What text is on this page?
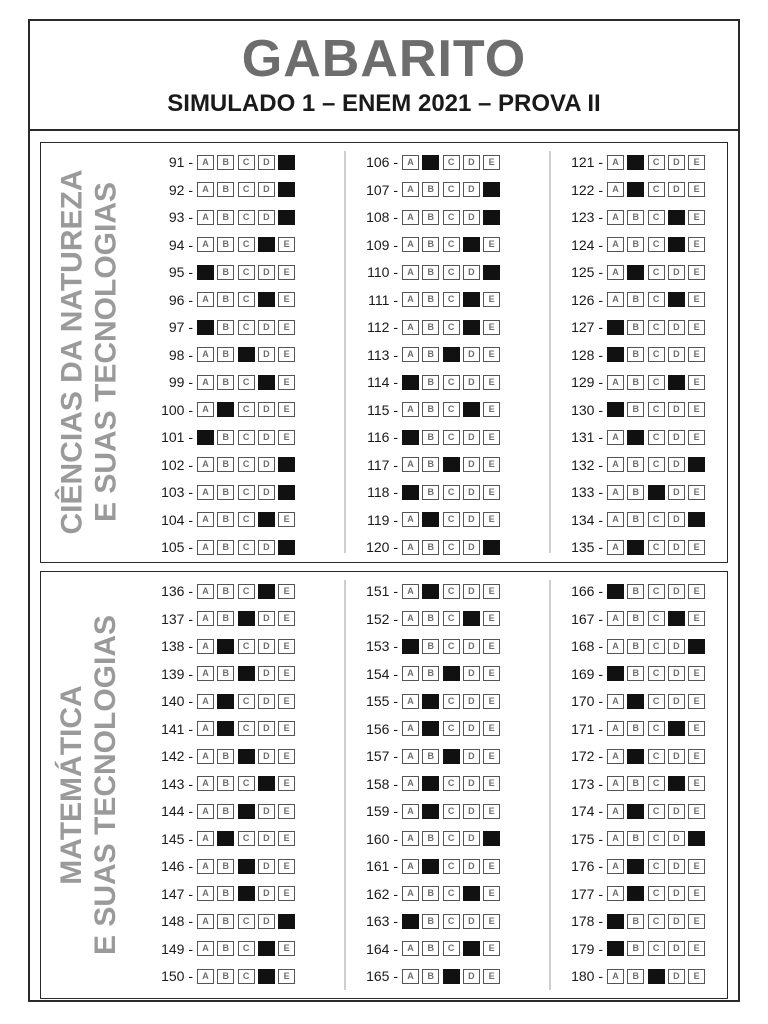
GABARITO
SIMULADO 1 – ENEM 2021 – PROVA II
CIÊNCIAS DA NATUREZA E SUAS TECNOLOGIAS
91 -	A	B	C	D	E
92 -	A	B	C	D	E
93 -	A	B	C	D	E
94 -	A	B	C	D	E
95 -	A	B	C	D	E
96 -	A	B	C	D	E
97 -	A	B	C	D	E
98 -	A	B	C	D	E
99 -	A	B	C	D	E
100 -	A	B	C	D	E
101 -	A	B	C	D	E
102 -	A	B	C	D	E
103 -	A	B	C	D	E
104 -	A	B	C	D	E
105 -	A	B	C	D	E
106 -	A	B	C	D	E
107 -	A	B	C	D	E
108 -	A	B	C	D	E
109 -	A	B	C	D	E
110 -	A	B	C	D	E
111 -	A	B	C	D	E
112 -	A	B	C	D	E
113 -	A	B	C	D	E
114 -	A	B	C	D	E
115 -	A	B	C	D	E
116 -	A	B	C	D	E
117 -	A	B	C	D	E
118 -	A	B	C	D	E
119 -	A	B	C	D	E
120 -	A	B	C	D	E
121 -	A	B	C	D	E
122 -	A	B	C	D	E
123 -	A	B	C	D	E
124 -	A	B	C	D	E
125 -	A	B	C	D	E
126 -	A	B	C	D	E
127 -	A	B	C	D	E
128 -	A	B	C	D	E
129 -	A	B	C	D	E
130 -	A	B	C	D	E
131 -	A	B	C	D	E
132 -	A	B	C	D	E
133 -	A	B	C	D	E
134 -	A	B	C	D	E
135 -	A	B	C	D	E
MATEMÁTICA E SUAS TECNOLOGIAS
136 -	A	B	C	D	E
137 -	A	B	C	D	E
138 -	A	B	C	D	E
139 -	A	B	C	D	E
140 -	A	B	C	D	E
141 -	A	B	C	D	E
142 -	A	B	C	D	E
143 -	A	B	C	D	E
144 -	A	B	C	D	E
145 -	A	B	C	D	E
146 -	A	B	C	D	E
147 -	A	B	C	D	E
148 -	A	B	C	D	E
149 -	A	B	C	D	E
150 -	A	B	C	D	E
151 -	A	B	C	D	E
152 -	A	B	C	D	E
153 -	A	B	C	D	E
154 -	A	B	C	D	E
155 -	A	B	C	D	E
156 -	A	B	C	D	E
157 -	A	B	C	D	E
158 -	A	B	C	D	E
159 -	A	B	C	D	E
160 -	A	B	C	D	E
161 -	A	B	C	D	E
162 -	A	B	C	D	E
163 -	A	B	C	D	E
164 -	A	B	C	D	E
165 -	A	B	C	D	E
166 -	A	B	C	D	E
167 -	A	B	C	D	E
168 -	A	B	C	D	E
169 -	A	B	C	D	E
170 -	A	B	C	D	E
171 -	A	B	C	D	E
172 -	A	B	C	D	E
173 -	A	B	C	D	E
174 -	A	B	C	D	E
175 -	A	B	C	D	E
176 -	A	B	C	D	E
177 -	A	B	C	D	E
178 -	A	B	C	D	E
179 -	A	B	C	D	E
180 -	A	B	C	D	E
